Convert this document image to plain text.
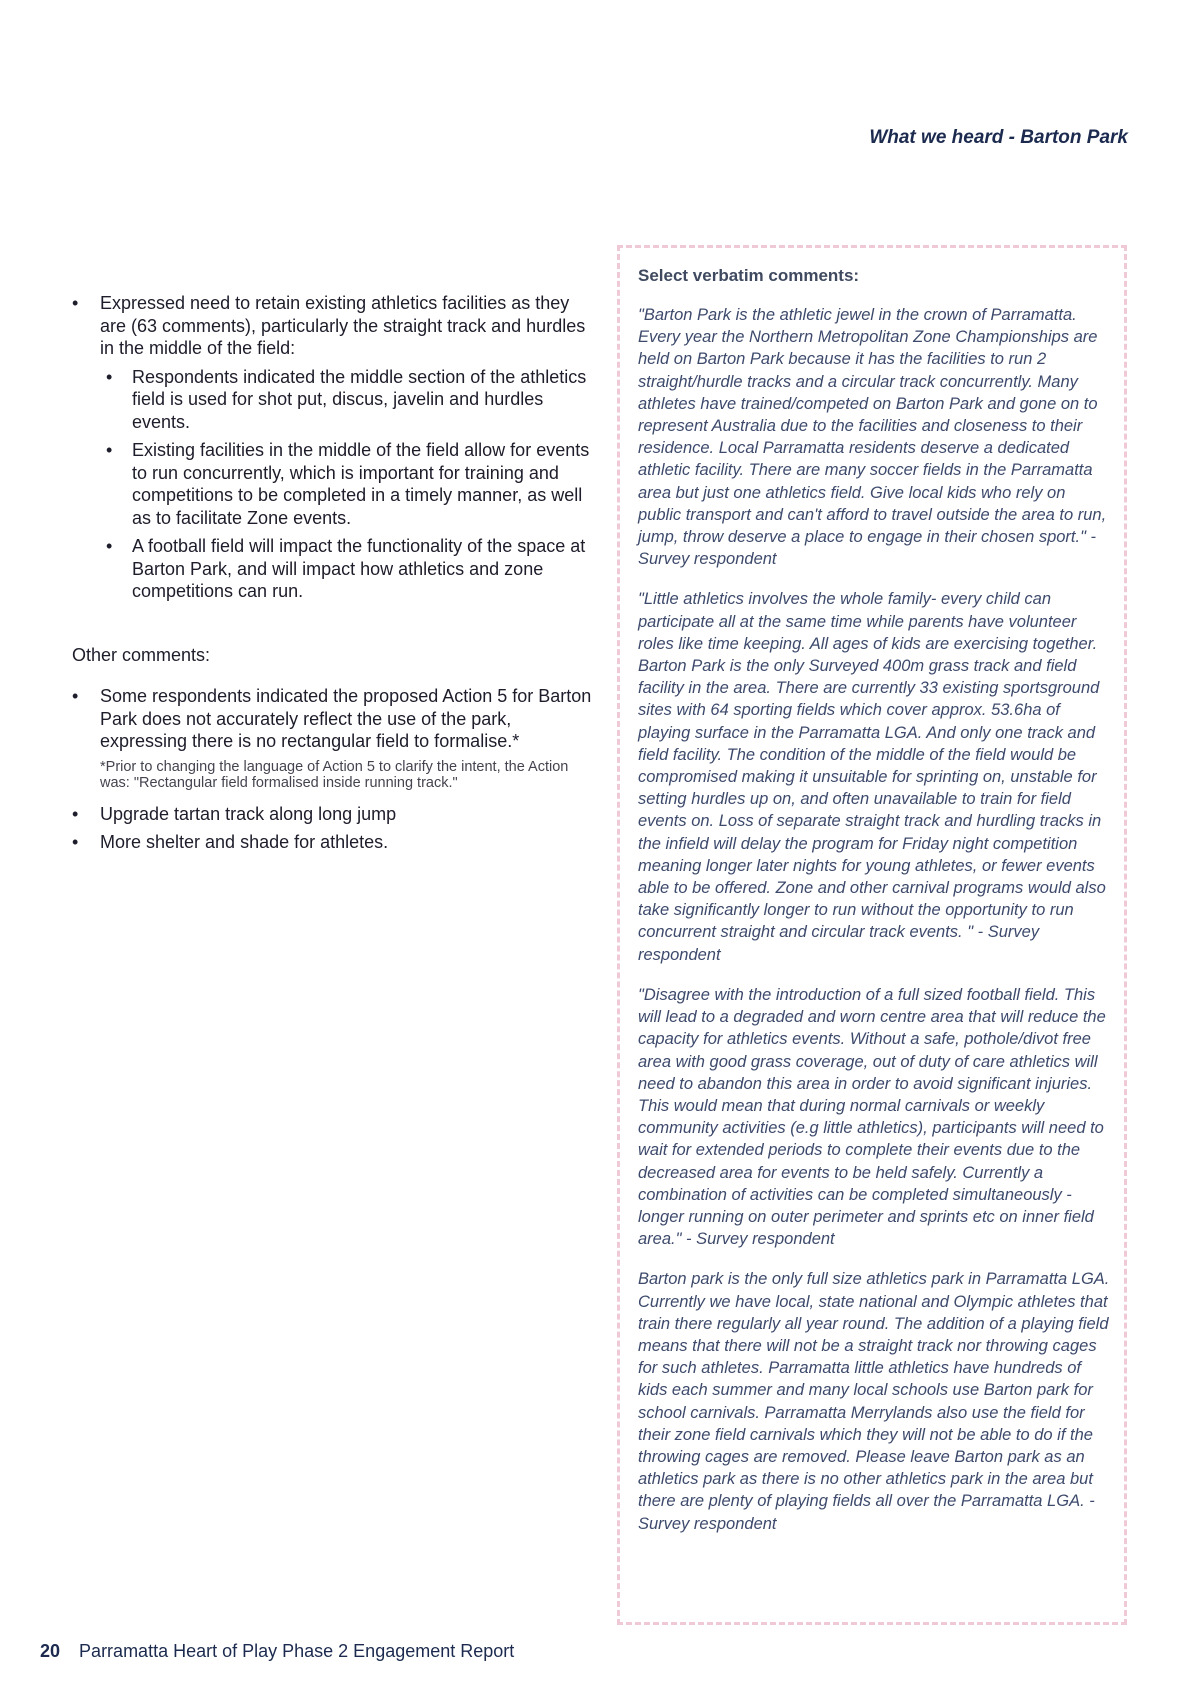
What we heard - Barton Park
• Expressed need to retain existing athletics facilities as they are (63 comments), particularly the straight track and hurdles in the middle of the field:
• Respondents indicated the middle section of the athletics field is used for shot put, discus, javelin and hurdles events.
• Existing facilities in the middle of the field allow for events to run concurrently, which is important for training and competitions to be completed in a timely manner, as well as to facilitate Zone events.
• A football field will impact the functionality of the space at Barton Park, and will impact how athletics and zone competitions can run.
Other comments:
• Some respondents indicated the proposed Action 5 for Barton Park does not accurately reflect the use of the park, expressing there is no rectangular field to formalise.*
*Prior to changing the language of Action 5 to clarify the intent, the Action was: "Rectangular field formalised inside running track."
• Upgrade tartan track along long jump
• More shelter and shade for athletes.
Select verbatim comments:

"Barton Park is the athletic jewel in the crown of Parramatta. Every year the Northern Metropolitan Zone Championships are held on Barton Park because it has the facilities to run 2 straight/hurdle tracks and a circular track concurrently. Many athletes have trained/competed on Barton Park and gone on to represent Australia due to the facilities and closeness to their residence. Local Parramatta residents deserve a dedicated athletic facility. There are many soccer fields in the Parramatta area but just one athletics field. Give local kids who rely on public transport and can't afford to travel outside the area to run, jump, throw deserve a place to engage in their chosen sport." - Survey respondent

"Little athletics involves the whole family- every child can participate all at the same time while parents have volunteer roles like time keeping. All ages of kids are exercising together. Barton Park is the only Surveyed 400m grass track and field facility in the area. There are currently 33 existing sportsground sites with 64 sporting fields which cover approx. 53.6ha of playing surface in the Parramatta LGA. And only one track and field facility. The condition of the middle of the field would be compromised making it unsuitable for sprinting on, unstable for setting hurdles up on, and often unavailable to train for field events on. Loss of separate straight track and hurdling tracks in the infield will delay the program for Friday night competition meaning longer later nights for young athletes, or fewer events able to be offered. Zone and other carnival programs would also take significantly longer to run without the opportunity to run concurrent straight and circular track events. " - Survey respondent

"Disagree with the introduction of a full sized football field. This will lead to a degraded and worn centre area that will reduce the capacity for athletics events. Without a safe, pothole/divot free area with good grass coverage, out of duty of care athletics will need to abandon this area in order to avoid significant injuries. This would mean that during normal carnivals or weekly community activities (e.g little athletics), participants will need to wait for extended periods to complete their events due to the decreased area for events to be held safely. Currently a combination of activities can be completed simultaneously - longer running on outer perimeter and sprints etc on inner field area." - Survey respondent

Barton park is the only full size athletics park in Parramatta LGA. Currently we have local, state national and Olympic athletes that train there regularly all year round. The addition of a playing field means that there will not be a straight track nor throwing cages for such athletes. Parramatta little athletics have hundreds of kids each summer and many local schools use Barton park for school carnivals. Parramatta Merrylands also use the field for their zone field carnivals which they will not be able to do if the throwing cages are removed. Please leave Barton park as an athletics park as there is no other athletics park in the area but there are plenty of playing fields all over the Parramatta LGA. - Survey respondent

20 Parramatta Heart of Play Phase 2 Engagement Report
